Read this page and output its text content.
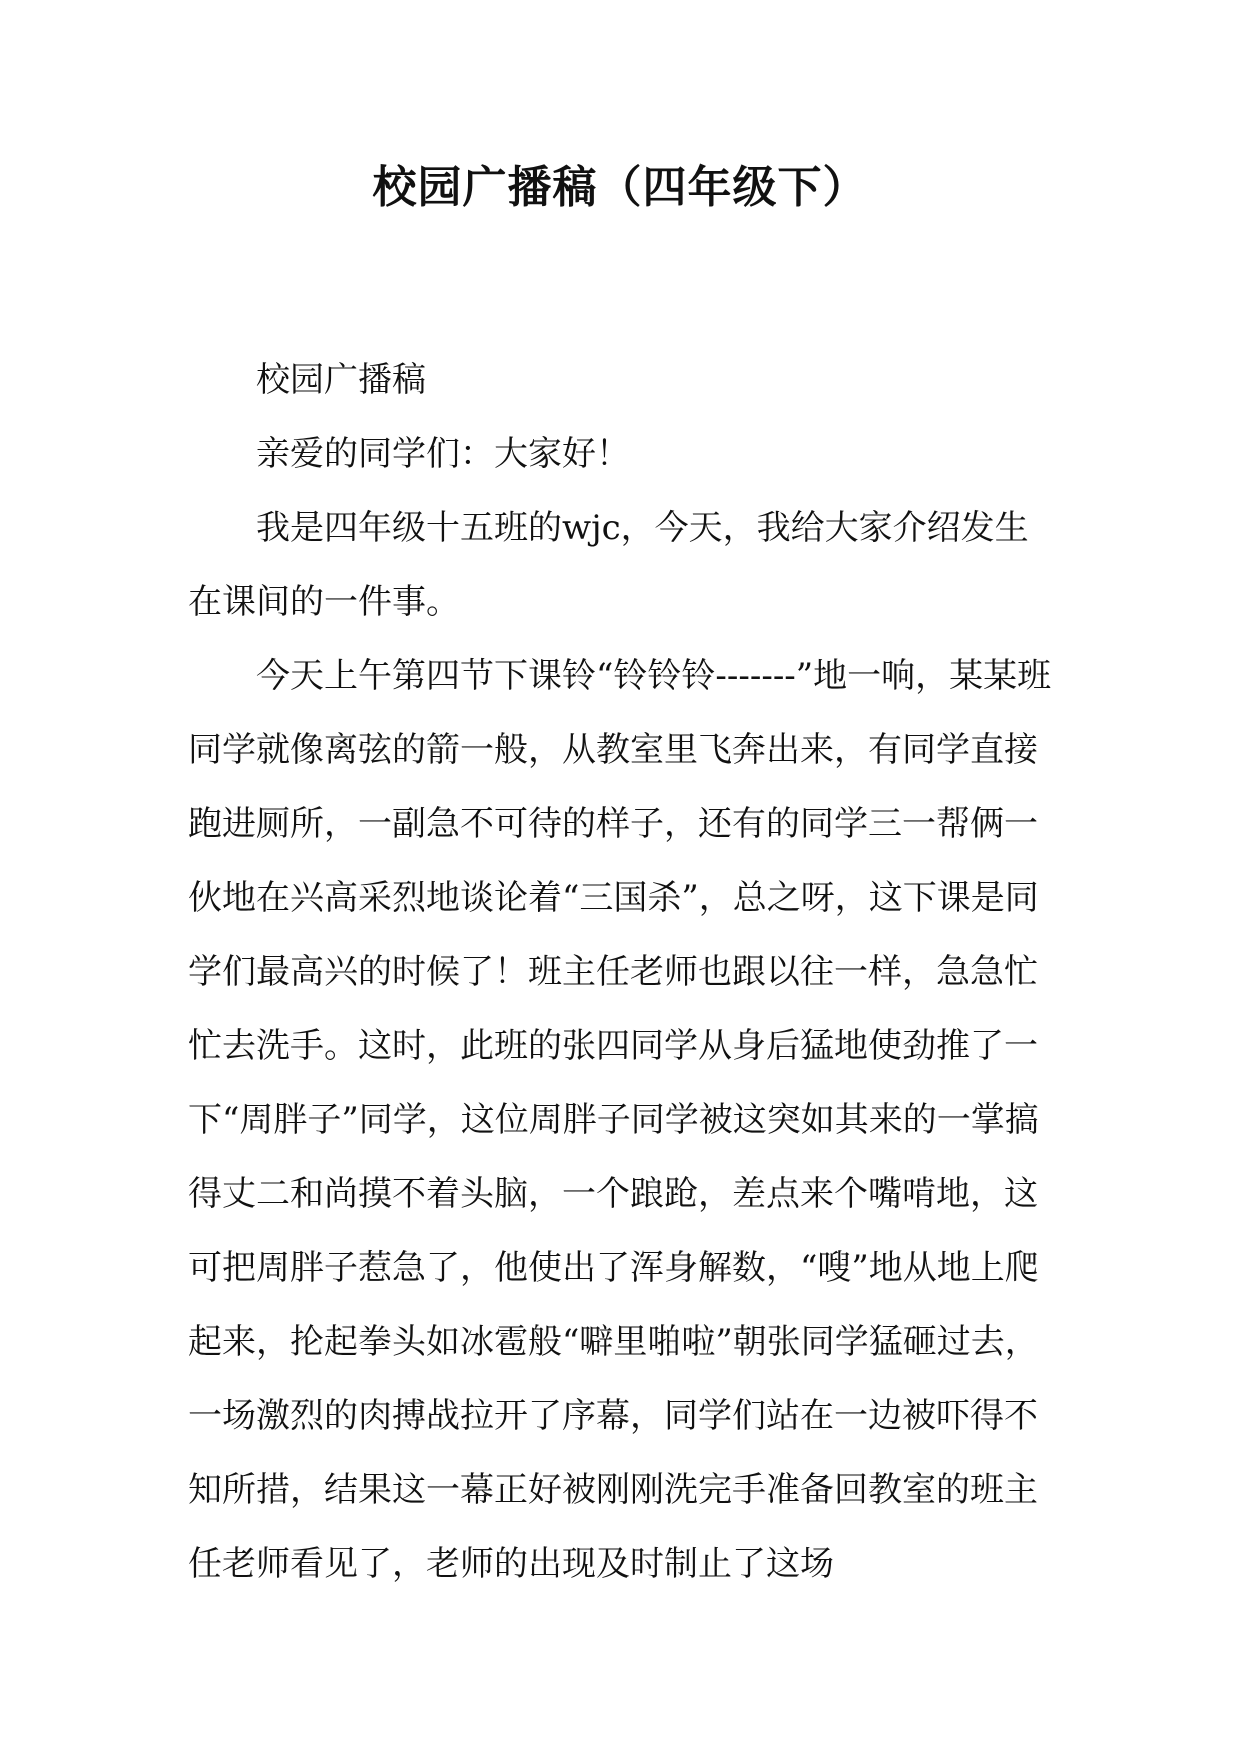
校园广播稿（四年级下）

校园广播稿

亲爱的同学们：大家好！

我是四年级十五班的wjc，今天，我给大家介绍发生在课间的一件事。

今天上午第四节下课铃“铃铃铃-------”地一响，某某班同学就像离弦的箭一般，从教室里飞奔出来，有同学直接跑进厕所，一副急不可待的样子，还有的同学三一帮俩一伙地在兴高采烈地谈论着“三国杀”，总之呀，这下课是同学们最高兴的时候了！班主任老师也跟以往一样，急急忙忙去洗手。这时，此班的张四同学从身后猛地使劲推了一下“周胖子”同学，这位周胖子同学被这突如其来的一掌搞得丈二和尚摸不着头脑，一个踉跄，差点来个嘴啃地，这可把周胖子惹急了，他使出了浑身解数，“嗖”地从地上爬起来，抡起拳头如冰雹般“噼里啪啦”朝张同学猛砸过去，一场激烈的肉搏战拉开了序幕，同学们站在一边被吓得不知所措，结果这一幕正好被刚刚洗完手准备回教室的班主任老师看见了，老师的出现及时制止了这场
